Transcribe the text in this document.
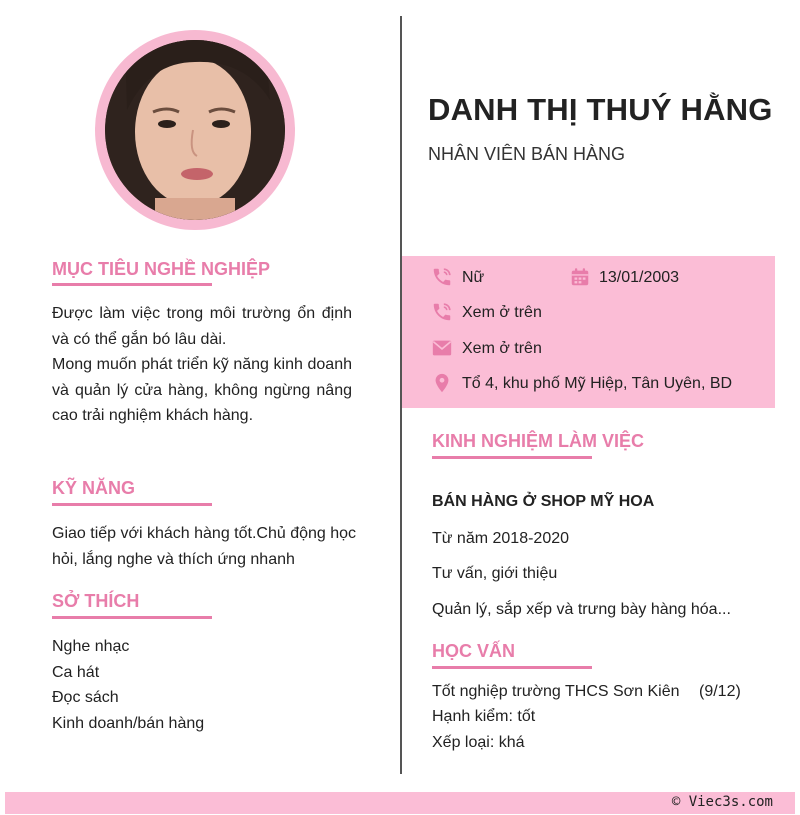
MỤC TIÊU NGHỀ NGHIỆP
Được làm việc trong môi trường ổn định và có thể gắn bó lâu dài.
Mong muốn phát triển kỹ năng kinh doanh và quản lý cửa hàng, không ngừng nâng cao trải nghiệm khách hàng.
KỸ NĂNG
Giao tiếp với khách hàng tốt.Chủ động học hỏi, lắng nghe và thích ứng nhanh
SỞ THÍCH
Nghe nhạc
Ca hát
Đọc sách
Kinh doanh/bán hàng
DANH THỊ THUÝ HẰNG
NHÂN VIÊN BÁN HÀNG
Nữ	13/01/2003
Xem ở trên
Xem ở trên
Tổ 4, khu phố Mỹ Hiệp, Tân Uyên, BD
KINH NGHIỆM LÀM VIỆC
BÁN HÀNG Ở SHOP MỸ HOA
Từ năm 2018-2020
Tư vấn, giới thiệu
Quản lý, sắp xếp và trưng bày hàng hóa...
HỌC VẤN
Tốt nghiệp trường THCS Sơn Kiên (9/12)
Hạnh kiểm: tốt
Xếp loại: khá
© Viec3s.com
